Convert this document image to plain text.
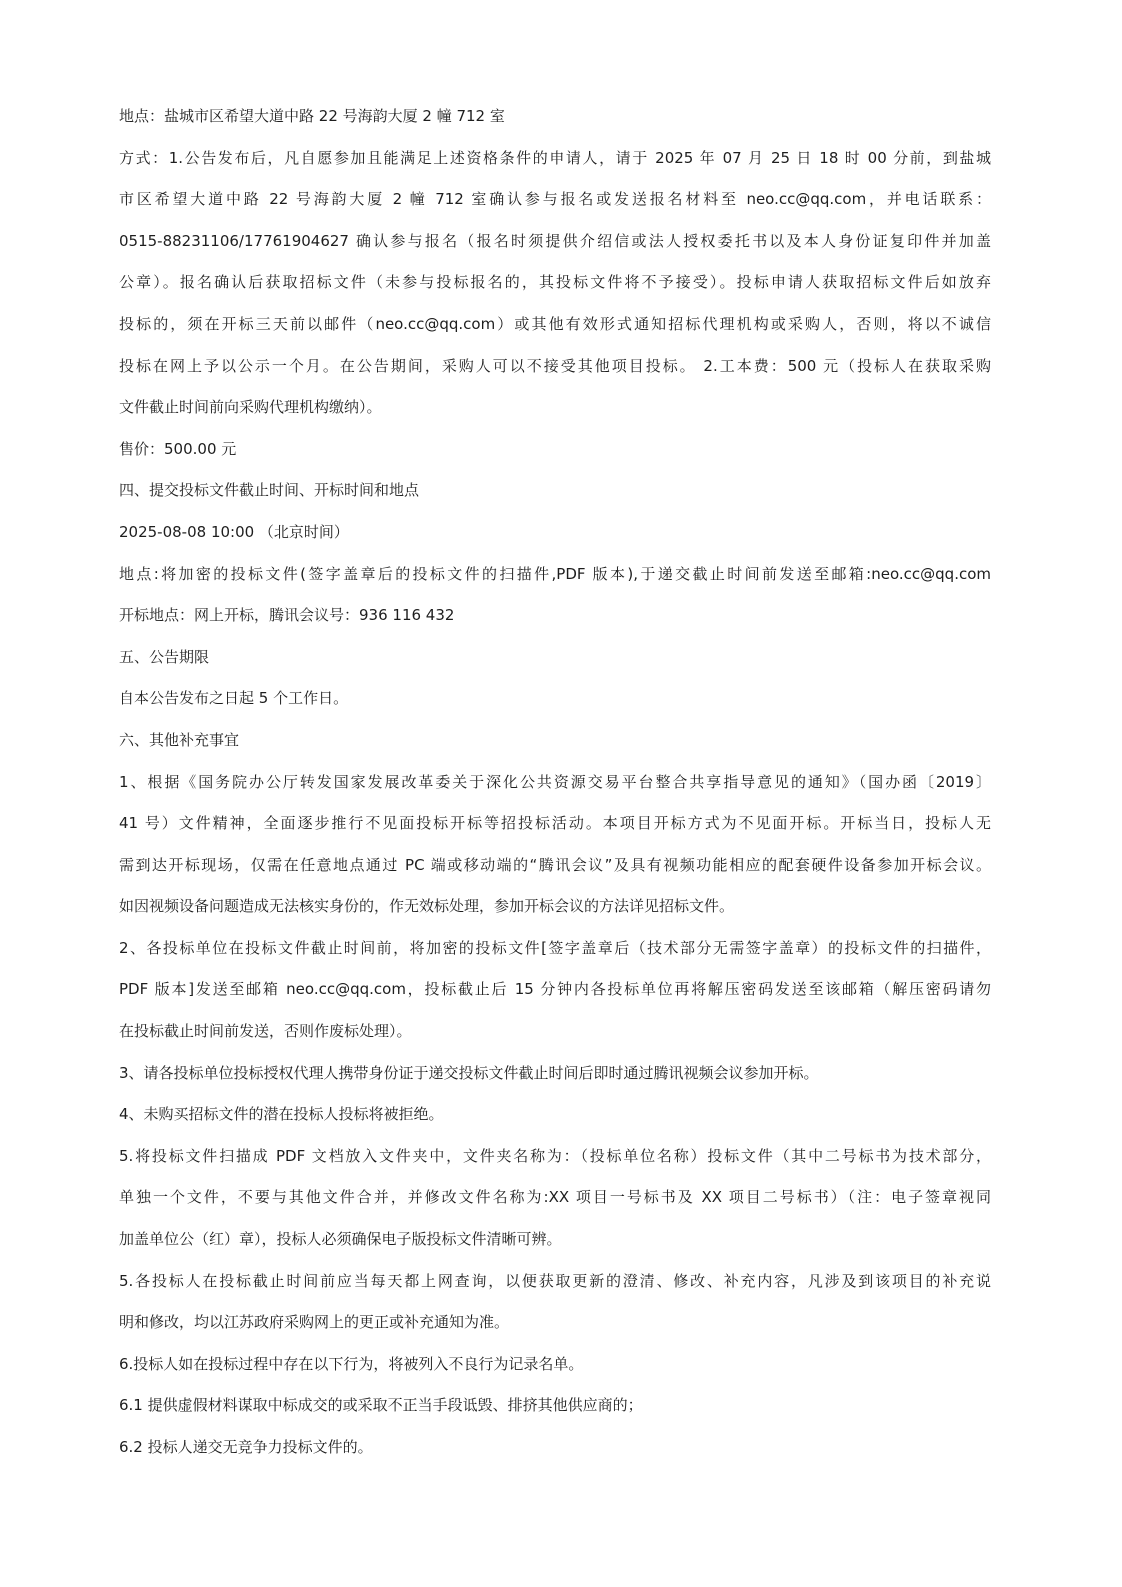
地点：盐城市区希望大道中路 22 号海韵大厦 2 幢 712 室
方式：1.公告发布后，凡自愿参加且能满足上述资格条件的申请人，请于 2025 年 07 月 25 日 18 时 00 分前，到盐城
市区希望大道中路 22 号海韵大厦 2 幢 712 室确认参与报名或发送报名材料至 neo.cc@qq.com，并电话联系：
0515-88231106/17761904627 确认参与报名（报名时须提供介绍信或法人授权委托书以及本人身份证复印件并加盖
公章）。报名确认后获取招标文件（未参与投标报名的，其投标文件将不予接受）。投标申请人获取招标文件后如放弃
投标的，须在开标三天前以邮件（neo.cc@qq.com）或其他有效形式通知招标代理机构或采购人，否则，将以不诚信
投标在网上予以公示一个月。在公告期间，采购人可以不接受其他项目投标。 2.工本费：500 元（投标人在获取采购
文件截止时间前向采购代理机构缴纳）。
售价：500.00 元
四、提交投标文件截止时间、开标时间和地点
2025-08-08 10:00 （北京时间）
地点:将加密的投标文件(签字盖章后的投标文件的扫描件,PDF 版本),于递交截止时间前发送至邮箱:neo.cc@qq.com
开标地点：网上开标，腾讯会议号：936 116 432
五、公告期限
自本公告发布之日起 5 个工作日。
六、其他补充事宜
1、根据《国务院办公厅转发国家发展改革委关于深化公共资源交易平台整合共享指导意见的通知》（国办函〔2019〕
41 号）文件精神，全面逐步推行不见面投标开标等招投标活动。本项目开标方式为不见面开标。开标当日，投标人无
需到达开标现场，仅需在任意地点通过 PC 端或移动端的“腾讯会议”及具有视频功能相应的配套硬件设备参加开标会议。
如因视频设备问题造成无法核实身份的，作无效标处理，参加开标会议的方法详见招标文件。
2、各投标单位在投标文件截止时间前，将加密的投标文件[签字盖章后（技术部分无需签字盖章）的投标文件的扫描件，
PDF 版本]发送至邮箱 neo.cc@qq.com，投标截止后 15 分钟内各投标单位再将解压密码发送至该邮箱（解压密码请勿
在投标截止时间前发送，否则作废标处理）。
3、请各投标单位投标授权代理人携带身份证于递交投标文件截止时间后即时通过腾讯视频会议参加开标。
4、未购买招标文件的潜在投标人投标将被拒绝。
5.将投标文件扫描成 PDF 文档放入文件夹中，文件夹名称为：（投标单位名称）投标文件（其中二号标书为技术部分，
单独一个文件，不要与其他文件合并，并修改文件名称为:XX 项目一号标书及 XX 项目二号标书）（注：电子签章视同
加盖单位公（红）章），投标人必须确保电子版投标文件清晰可辨。
5.各投标人在投标截止时间前应当每天都上网查询，以便获取更新的澄清、修改、补充内容，凡涉及到该项目的补充说
明和修改，均以江苏政府采购网上的更正或补充通知为准。
6.投标人如在投标过程中存在以下行为，将被列入不良行为记录名单。
6.1 提供虚假材料谋取中标成交的或采取不正当手段诋毁、排挤其他供应商的；
6.2 投标人递交无竞争力投标文件的。
